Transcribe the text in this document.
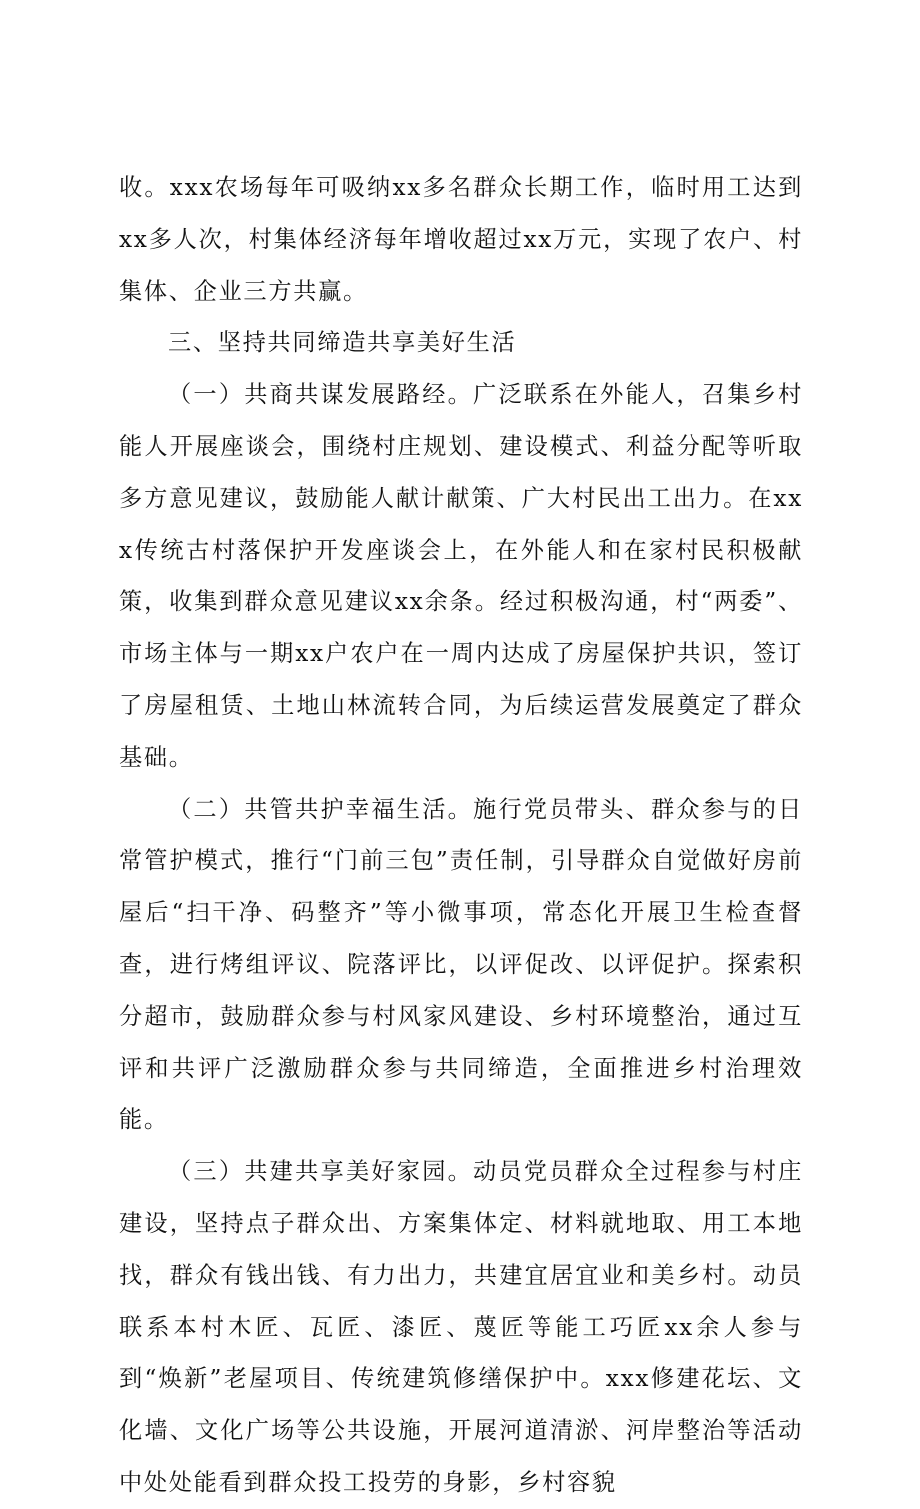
收。xxx农场每年可吸纳xx多名群众长期工作，临时用工达到xx多人次，村集体经济每年增收超过xx万元，实现了农户、村集体、企业三方共赢。

三、坚持共同缔造共享美好生活

（一）共商共谋发展路经。广泛联系在外能人，召集乡村能人开展座谈会，围绕村庄规划、建设模式、利益分配等听取多方意见建议，鼓励能人献计献策、广大村民出工出力。在xxx传统古村落保护开发座谈会上，在外能人和在家村民积极献策，收集到群众意见建议xx余条。经过积极沟通，村“两委”、市场主体与一期xx户农户在一周内达成了房屋保护共识，签订了房屋租赁、土地山林流转合同，为后续运营发展奠定了群众基础。

（二）共管共护幸福生活。施行党员带头、群众参与的日常管护模式，推行“门前三包”责任制，引导群众自觉做好房前屋后“扫干净、码整齐”等小微事项，常态化开展卫生检查督查，进行烤组评议、院落评比，以评促改、以评促护。探索积分超市，鼓励群众参与村风家风建设、乡村环境整治，通过互评和共评广泛激励群众参与共同缔造，全面推进乡村治理效能。

（三）共建共享美好家园。动员党员群众全过程参与村庄建设，坚持点子群众出、方案集体定、材料就地取、用工本地找，群众有钱出钱、有力出力，共建宜居宜业和美乡村。动员联系本村木匠、瓦匠、漆匠、蔑匠等能工巧匠xx余人参与到“焕新”老屋项目、传统建筑修缮保护中。xxx修建花坛、文化墙、文化广场等公共设施，开展河道清淤、河岸整治等活动中处处能看到群众投工投劳的身影，乡村容貌
